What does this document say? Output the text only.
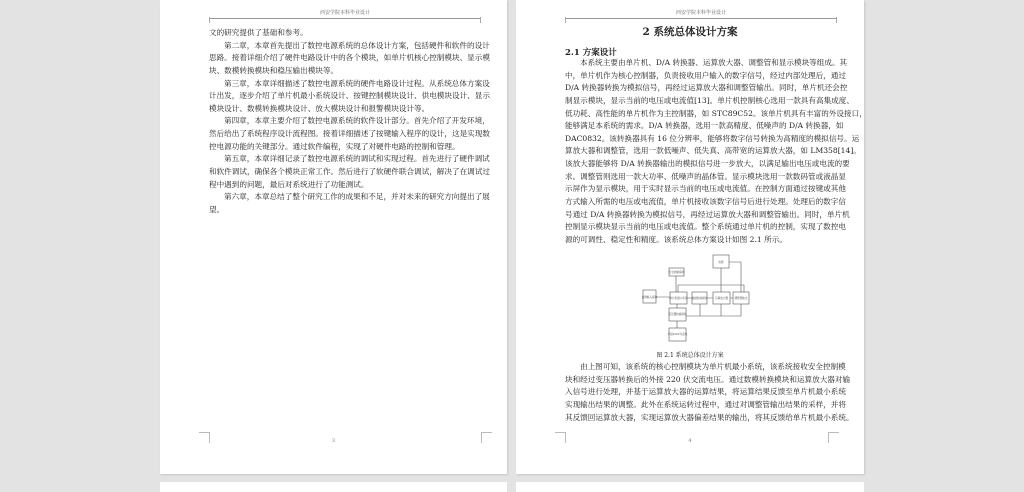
西安学院本科毕业设计
文的研究提供了基础和参考。
第二章，本章首先提出了数控电源系统的总体设计方案，包括硬件和软件的设计
思路。接着详细介绍了硬件电路设计中的各个模块，如单片机核心控制模块、显示模
块、数模转换模块和稳压输出模块等。
第三章，本章详细描述了数控电源系统的硬件电路设计过程。从系统总体方案设
计出发，逐步介绍了单片机最小系统设计、按键控制模块设计、供电模块设计、显示
模块设计、数模转换模块设计、放大模块设计和报警模块设计等。
第四章，本章主要介绍了数控电源系统的软件设计部分。首先介绍了开发环境，
然后给出了系统程序设计流程图。接着详细描述了按键输入程序的设计，这是实现数
控电源功能的关键部分。通过软件编程，实现了对硬件电路的控制和管理。
第五章，本章详细记录了数控电源系统的调试和实现过程。首先进行了硬件调试
和软件调试，确保各个模块正常工作。然后进行了软硬件联合调试，解决了在调试过
程中遇到的问题，最后对系统进行了功能测试。
第六章，本章总结了整个研究工作的成果和不足，并对未来的研究方向提出了展
望。
3
西安学院本科毕业设计
2 系统总体设计方案
2.1 方案设计
本系统主要由单片机、D/A 转换器、运算放大器、调整管和显示模块等组成。其
中，单片机作为核心控制器，负责接收用户输入的数字信号，经过内部处理后，通过
D/A 转换器转换为模拟信号，再经过运算放大器和调整管输出。同时，单片机还会控
制显示模块，显示当前的电压或电流值[13]。单片机控制核心选用一款具有高集成度、
低功耗、高性能的单片机作为主控制器，如 STC89C52。该单片机具有丰富的外设接口，
能够满足本系统的需求。D/A 转换器，选用一款高精度、低噪声的 D/A 转换器，如
DAC0832。该转换器具有 16 位分辨率，能够将数字信号转换为高精度的模拟信号。运
算放大器和调整管，选用一款低噪声、低失真、高带宽的运算放大器，如 LM358[14]。
该放大器能够将 D/A 转换器输出的模拟信号进一步放大，以满足输出电压或电流的要
求。调整管则选用一款大功率、低噪声的晶体管。显示模块选用一款数码管或液晶显
示屏作为显示模块，用于实时显示当前的电压或电流值。在控制方面通过按键或其他
方式输入所需的电压或电流值，单片机接收该数字信号后进行处理。处理后的数字信
号通过 D/A 转换器转换为模拟信号，再经过运算放大器和调整管输出。同时，单片机
控制显示模块显示当前的电压或电流值。整个系统通过单片机的控制，实现了数控电
源的可调性、稳定性和精度。该系统总体方案设计如图 2.1 所示。
电源
安全控制模块
按键输入模块	单片机最小系统 数模转换模块	运算放大器	调整管输出
变压器转换模块
外接220V交流电
图 2.1 系统总体设计方案
由上图可知，该系统的核心控制模块为单片机最小系统，该系统接收安全控制模
块和经过变压器转换后的外接 220 伏交流电压。通过数模转换模块和运算放大器对输
入信号进行处理，并基于运算放大器的运算结果，将运算结果反馈至单片机最小系统
实现输出结果的调整。此外在系统运转过程中，通过对调整管输出结果的采样，并将
其反馈回运算放大器，实现运算放大器偏差结果的输出，将其反馈给单片机最小系统。
4
